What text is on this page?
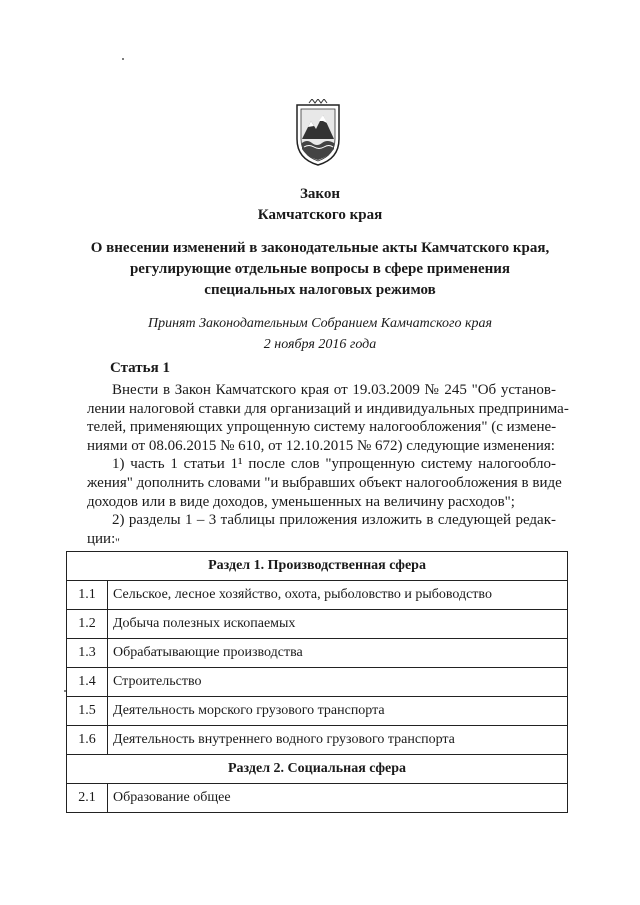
Закон
Камчатского края
О внесении изменений в законодательные акты Камчатского края,
регулирующие отдельные вопросы в сфере применения
специальных налоговых режимов
Принят Законодательным Собранием Камчатского края
2 ноября 2016 года
Статья 1
Внести в Закон Камчатского края от 19.03.2009 № 245 "Об установ-
лении налоговой ставки для организаций и индивидуальных предпринима-
телей, применяющих упрощенную систему налогообложения" (с измене-
ниями от 08.06.2015 № 610, от 12.10.2015 № 672) следующие изменения:
1) часть 1 статьи 1¹ после слов "упрощенную систему налогообло-
жения" дополнить словами "и выбравших объект налогообложения в виде
доходов или в виде доходов, уменьшенных на величину расходов";
2) разделы 1 – 3 таблицы приложения изложить в следующей редак-
ции: "
Раздел 1. Производственная сфера	
1.1	Сельское, лесное хозяйство, охота, рыболовство и рыбоводство
1.2	Добыча полезных ископаемых
1.3	Обрабатывающие производства
1.4	Строительство
1.5	Деятельность морского грузового транспорта
1.6	Деятельность внутреннего водного грузового транспорта
Раздел 2. Социальная сфера	
2.1	Образование общее
